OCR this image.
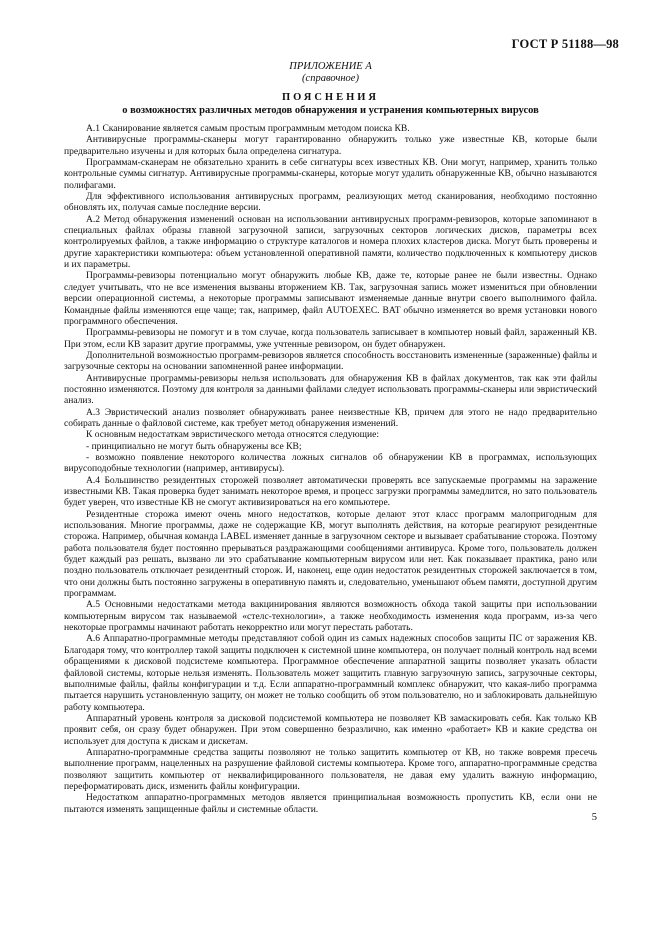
ГОСТ Р 51188—98
ПРИЛОЖЕНИЕ А
(справочное)
ПОЯСНЕНИЯ
о возможностях различных методов обнаружения и устранения компьютерных вирусов

А.1 Сканирование является самым простым программным методом поиска КВ.

Антивирусные программы-сканеры могут гарантированно обнаружить только уже известные КВ, которые были предварительно изучены и для которых была определена сигнатура.

Программам-сканерам не обязательно хранить в себе сигнатуры всех известных КВ. Они могут, например, хранить только контрольные суммы сигнатур. Антивирусные программы-сканеры, которые могут удалить обнаруженные КВ, обычно называются полифагами.

Для эффективного использования антивирусных программ, реализующих метод сканирования, необходимо постоянно обновлять их, получая самые последние версии.

А.2 Метод обнаружения изменений основан на использовании антивирусных программ-ревизоров, которые запоминают в специальных файлах образы главной загрузочной записи, загрузочных секторов логических дисков, параметры всех контролируемых файлов, а также информацию о структуре каталогов и номера плохих кластеров диска. Могут быть проверены и другие характеристики компьютера: объем установленной оперативной памяти, количество подключенных к компьютеру дисков и их параметры.

Программы-ревизоры потенциально могут обнаружить любые КВ, даже те, которые ранее не были известны. Однако следует учитывать, что не все изменения вызваны вторжением КВ. Так, загрузочная запись может измениться при обновлении версии операционной системы, а некоторые программы записывают изменяемые данные внутри своего выполнимого файла. Командные файлы изменяются еще чаще; так, например, файл AUTOEXEC. BAT обычно изменяется во время установки нового программного обеспечения.

Программы-ревизоры не помогут и в том случае, когда пользователь записывает в компьютер новый файл, зараженный КВ. При этом, если КВ заразит другие программы, уже учтенные ревизором, он будет обнаружен.

Дополнительной возможностью программ-ревизоров является способность восстановить измененные (зараженные) файлы и загрузочные секторы на основании запомненной ранее информации.

Антивирусные программы-ревизоры нельзя использовать для обнаружения КВ в файлах документов, так как эти файлы постоянно изменяются. Поэтому для контроля за данными файлами следует использовать программы-сканеры или эвристический анализ.

А.3 Эвристический анализ позволяет обнаруживать ранее неизвестные КВ, причем для этого не надо предварительно собирать данные о файловой системе, как требует метод обнаружения изменений.

К основным недостаткам эвристического метода относятся следующие:

- принципиально не могут быть обнаружены все КВ;

- возможно появление некоторого количества ложных сигналов об обнаружении КВ в программах, использующих вирусоподобные технологии (например, антивирусы).

А.4 Большинство резидентных сторожей позволяет автоматически проверять все запускаемые программы на заражение известными КВ. Такая проверка будет занимать некоторое время, и процесс загрузки программы замедлится, но зато пользователь будет уверен, что известные КВ не смогут активизироваться на его компьютере.

Резидентные сторожа имеют очень много недостатков, которые делают этот класс программ малопригодным для использования. Многие программы, даже не содержащие КВ, могут выполнять действия, на которые реагируют резидентные сторожа. Например, обычная команда LABEL изменяет данные в загрузочном секторе и вызывает срабатывание сторожа. Поэтому работа пользователя будет постоянно прерываться раздражающими сообщениями антивируса. Кроме того, пользователь должен будет каждый раз решать, вызвано ли это срабатывание компьютерным вирусом или нет. Как показывает практика, рано или поздно пользователь отключает резидентный сторож. И, наконец, еще один недостаток резидентных сторожей заключается в том, что они должны быть постоянно загружены в оперативную память и, следовательно, уменьшают объем памяти, доступной другим программам.

А.5 Основными недостатками метода вакцинирования являются возможность обхода такой защиты при использовании компьютерным вирусом так называемой «стелс-технологии», а также необходимость изменения кода программ, из-за чего некоторые программы начинают работать некорректно или могут перестать работать.

А.6 Аппаратно-программные методы представляют собой один из самых надежных способов защиты ПС от заражения КВ. Благодаря тому, что контроллер такой защиты подключен к системной шине компьютера, он получает полный контроль над всеми обращениями к дисковой подсистеме компьютера. Программное обеспечение аппаратной защиты позволяет указать области файловой системы, которые нельзя изменять. Пользователь может защитить главную загрузочную запись, загрузочные секторы, выполнимые файлы, файлы конфигурации и т.д. Если аппаратно-программный комплекс обнаружит, что какая-либо программа пытается нарушить установленную защиту, он может не только сообщить об этом пользователю, но и заблокировать дальнейшую работу компьютера.

Аппаратный уровень контроля за дисковой подсистемой компьютера не позволяет КВ замаскировать себя. Как только КВ проявит себя, он сразу будет обнаружен. При этом совершенно безразлично, как именно «работает» КВ и какие средства он использует для доступа к дискам и дискетам.

Аппаратно-программные средства защиты позволяют не только защитить компьютер от КВ, но также вовремя пресечь выполнение программ, нацеленных на разрушение файловой системы компьютера. Кроме того, аппаратно-программные средства позволяют защитить компьютер от неквалифицированного пользователя, не давая ему удалить важную информацию, переформатировать диск, изменить файлы конфигурации.

Недостатком аппаратно-программных методов является принципиальная возможность пропустить КВ, если они не пытаются изменять защищенные файлы и системные области.

5
